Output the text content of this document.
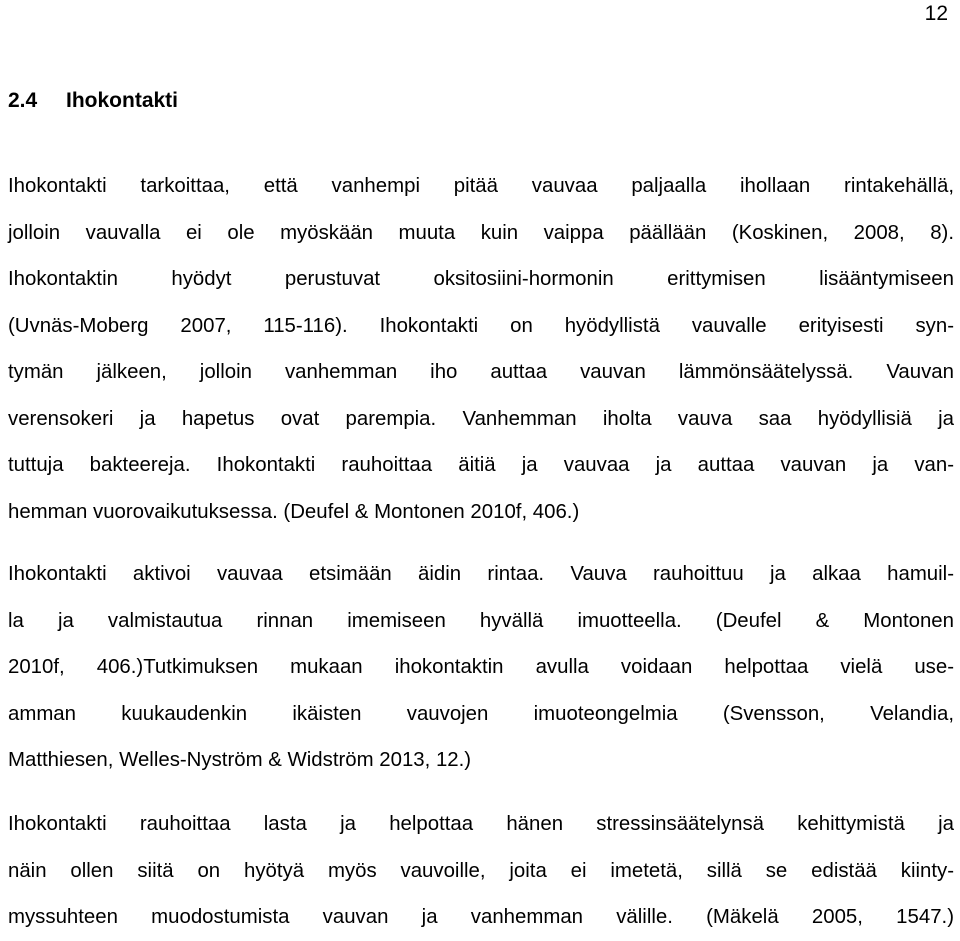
12
2.4 Ihokontakti
Ihokontakti tarkoittaa, että vanhempi pitää vauvaa paljaalla ihollaan rintakehällä,
jolloin vauvalla ei ole myöskään muuta kuin vaippa päällään (Koskinen, 2008, 8).
Ihokontaktin hyödyt perustuvat oksitosiini-hormonin erittymisen lisääntymiseen
(Uvnäs-Moberg 2007, 115-116). Ihokontakti on hyödyllistä vauvalle erityisesti syn-
tymän jälkeen, jolloin vanhemman iho auttaa vauvan lämmönsäätelyssä. Vauvan
verensokeri ja hapetus ovat parempia. Vanhemman iholta vauva saa hyödyllisiä ja
tuttuja bakteereja. Ihokontakti rauhoittaa äitiä ja vauvaa ja auttaa vauvan ja van-
hemman vuorovaikutuksessa. (Deufel & Montonen 2010f, 406.)
Ihokontakti aktivoi vauvaa etsimään äidin rintaa. Vauva rauhoittuu ja alkaa hamuil-
la ja valmistautua rinnan imemiseen hyvällä imuotteella. (Deufel & Montonen
2010f, 406.)Tutkimuksen mukaan ihokontaktin avulla voidaan helpottaa vielä use-
amman kuukaudenkin ikäisten vauvojen imuoteongelmia (Svensson, Velandia,
Matthiesen, Welles-Nyström & Widström 2013, 12.)
Ihokontakti rauhoittaa lasta ja helpottaa hänen stressinsäätelynsä kehittymistä ja
näin ollen siitä on hyötyä myös vauvoille, joita ei imetetä, sillä se edistää kiinty-
myssuhteen muodostumista vauvan ja vanhemman välille. (Mäkelä 2005, 1547.)
